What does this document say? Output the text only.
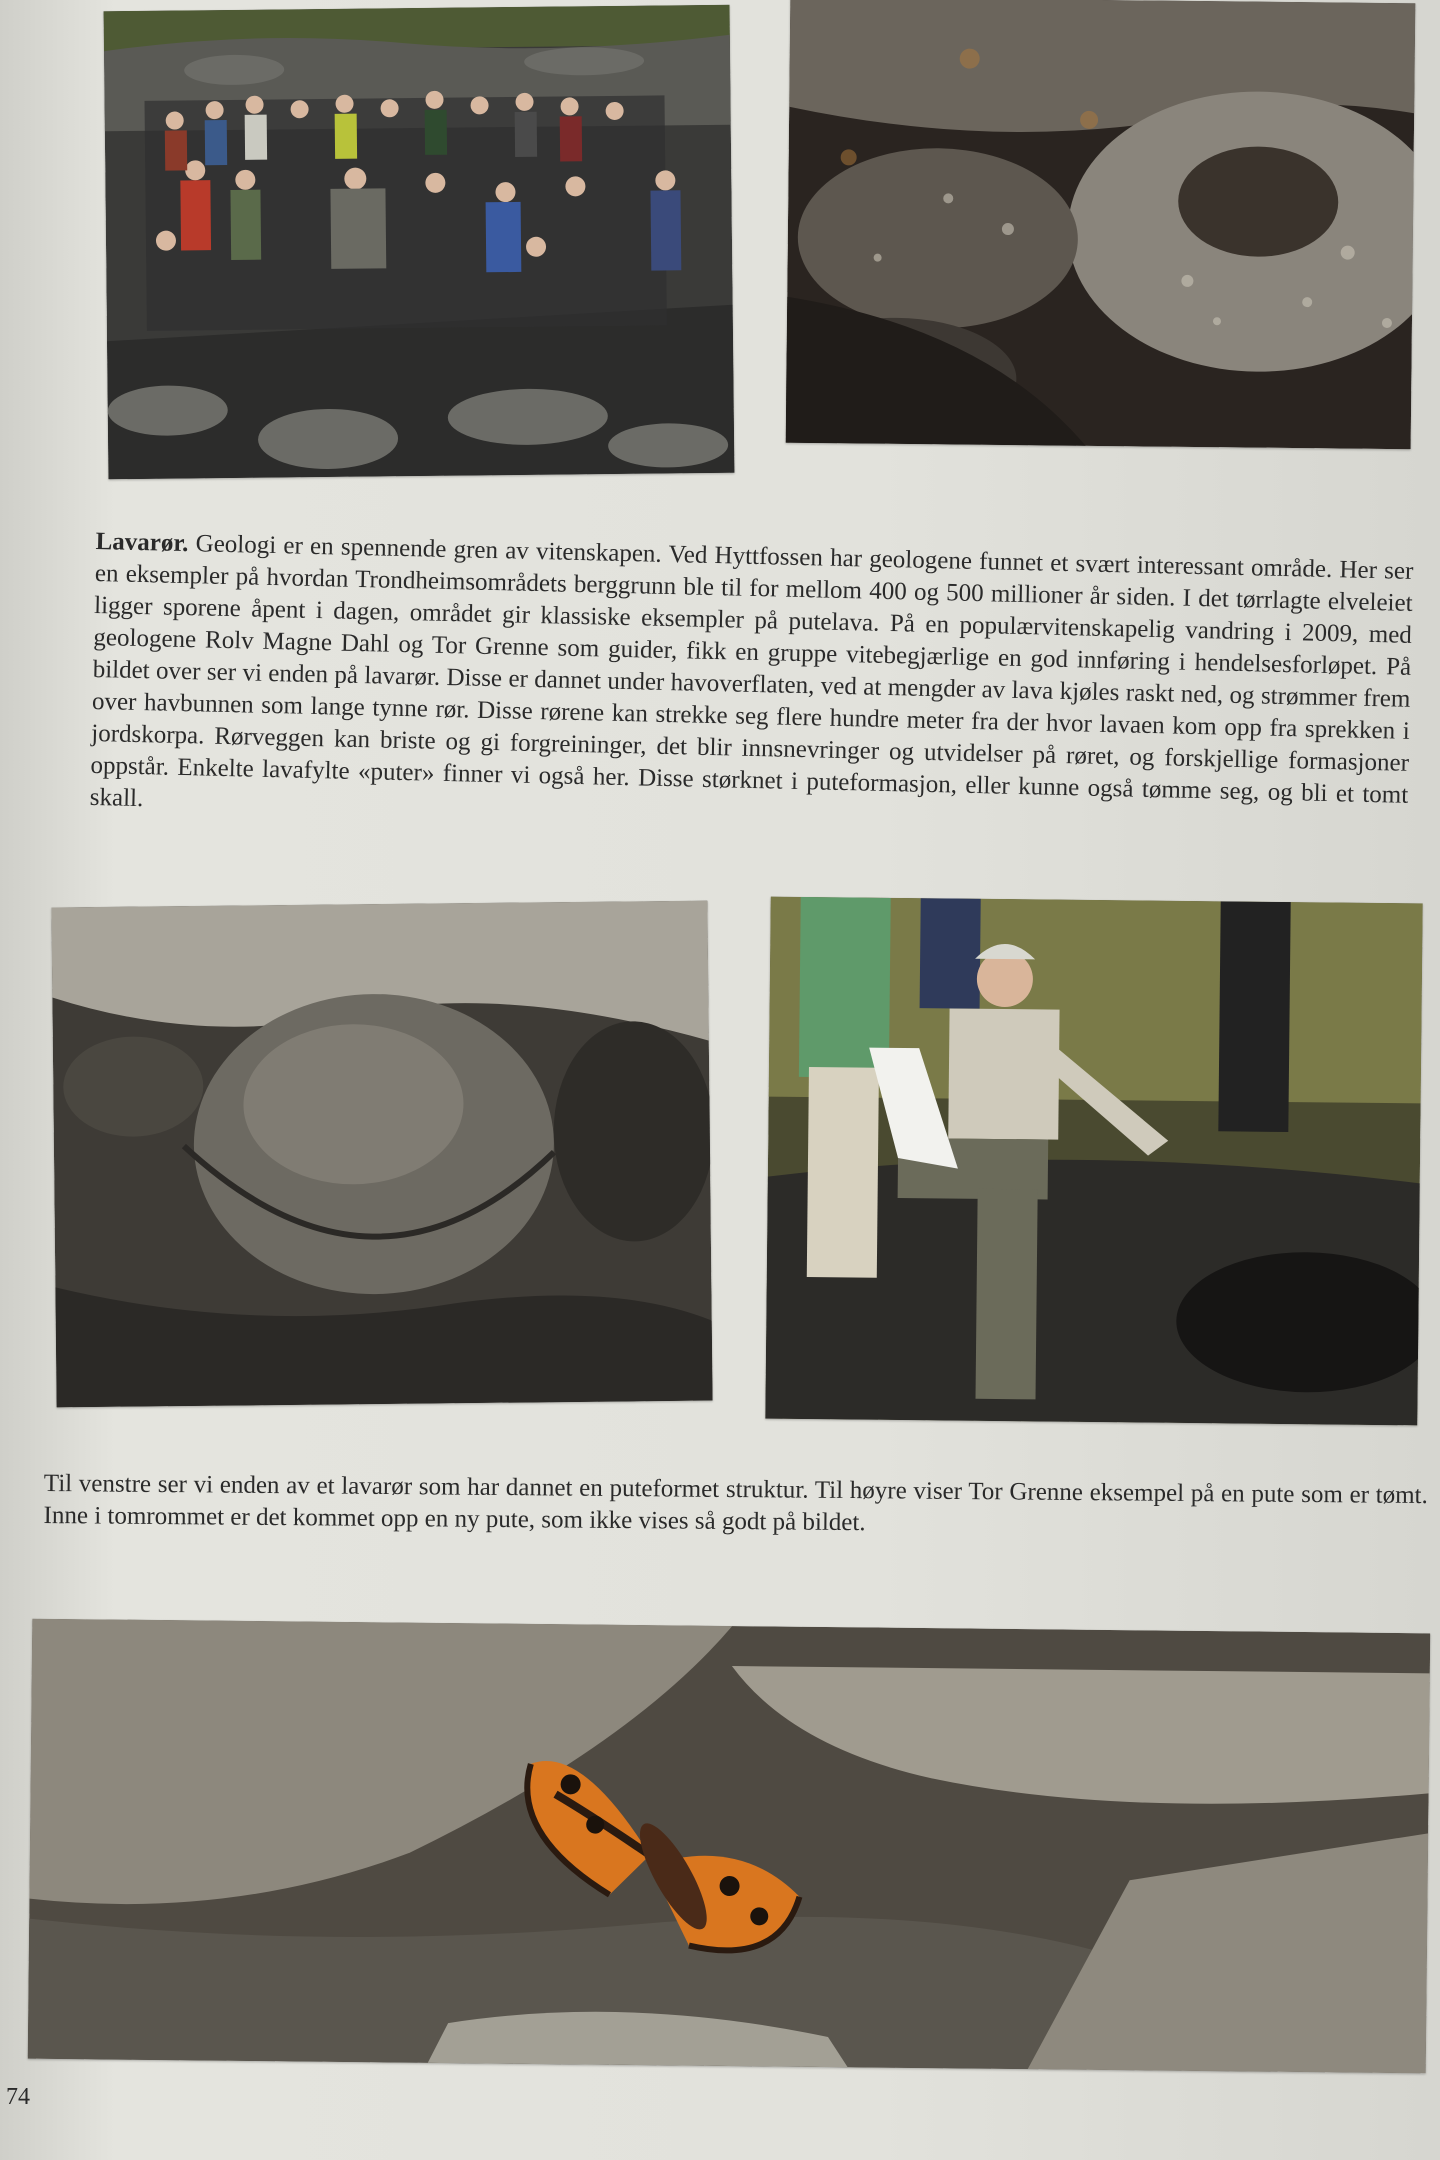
Lavarør. Geologi er en spennende gren av vitenskapen. Ved Hyttfossen har geologene funnet et svært interessant område. Her ser en eksempler på hvordan Trondheimsområdets berggrunn ble til for mellom 400 og 500 millioner år siden. I det tørrlagte elveleiet ligger sporene åpent i dagen, området gir klassiske eksempler på putelava. På en populærvitenskapelig vandring i 2009, med geologene Rolv Magne Dahl og Tor Grenne som guider, fikk en gruppe vitebegjærlige en god innføring i hendelsesforløpet. På bildet over ser vi enden på lavarør. Disse er dannet under havoverflaten, ved at mengder av lava kjøles raskt ned, og strømmer frem over havbunnen som lange tynne rør. Disse rørene kan strekke seg flere hundre meter fra der hvor lavaen kom opp fra sprekken i jordskorpa. Rørveggen kan briste og gi forgreininger, det blir innsnevringer og utvidelser på røret, og forskjellige formasjoner oppstår. Enkelte lavafylte «puter» finner vi også her. Disse størknet i puteformasjon, eller kunne også tømme seg, og bli et tomt skall.

Til venstre ser vi enden av et lavarør som har dannet en puteformet struktur. Til høyre viser Tor Grenne eksempel på en pute som er tømt. Inne i tomrommet er det kommet opp en ny pute, som ikke vises så godt på bildet.

74
